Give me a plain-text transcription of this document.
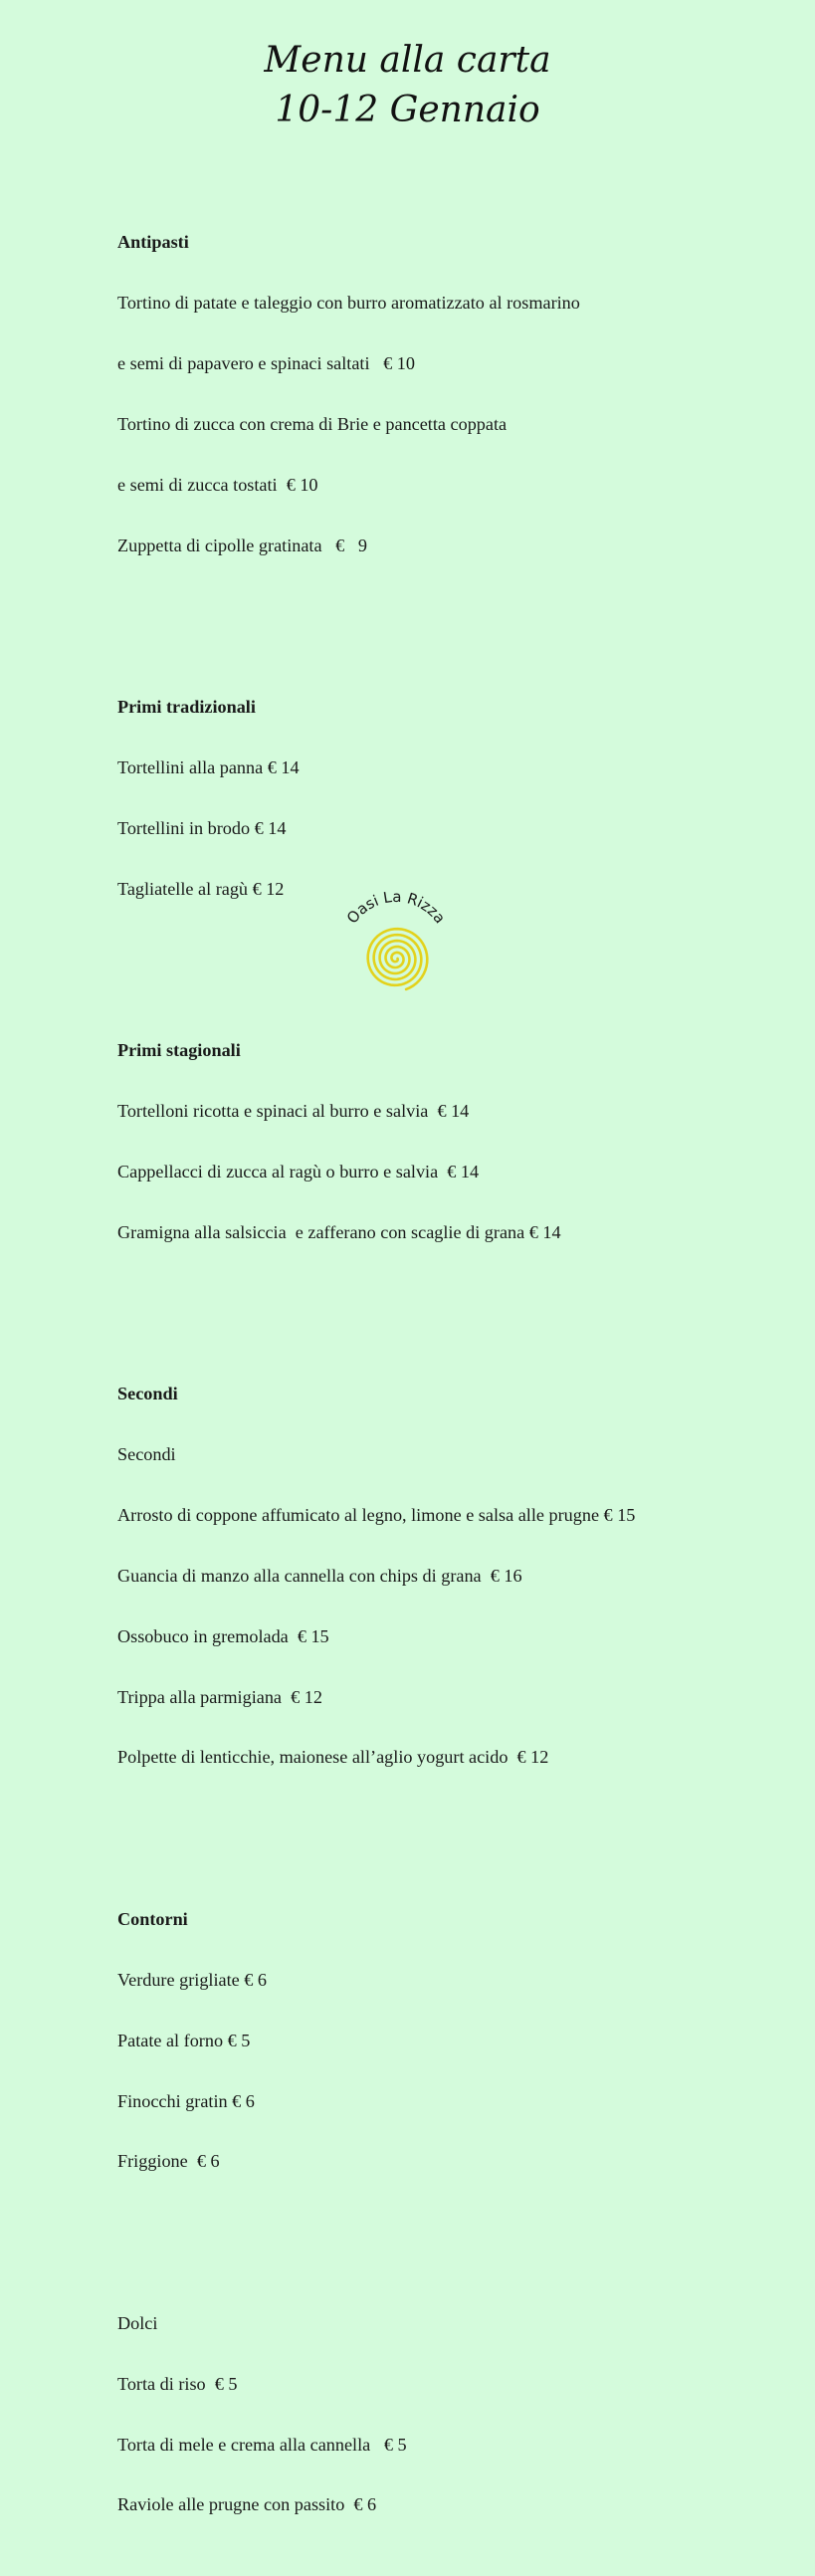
Menu alla carta
10-12 Gennaio

Antipasti

Tortino di patate e taleggio con burro aromatizzato al rosmarino

e semi di papavero e spinaci saltati   € 10

Tortino di zucca con crema di Brie e pancetta coppata

e semi di zucca tostati  € 10

Zuppetta di cipolle gratinata   €   9

Primi tradizionali

Tortellini alla panna € 14

Tortellini in brodo € 14

Tagliatelle al ragù € 12

Primi stagionali

Tortelloni ricotta e spinaci al burro e salvia  € 14

Cappellacci di zucca al ragù o burro e salvia  € 14

Gramigna alla salsiccia  e zafferano con scaglie di grana € 14

Secondi

Secondi

Arrosto di coppone affumicato al legno, limone e salsa alle prugne € 15

Guancia di manzo alla cannella con chips di grana  € 16

Ossobuco in gremolada  € 15

Trippa alla parmigiana  € 12

Polpette di lenticchie, maionese all’aglio yogurt acido  € 12

Contorni

Verdure grigliate € 6

Patate al forno € 5

Finocchi gratin € 6

Friggione  € 6

Dolci

Torta di riso  € 5

Torta di mele e crema alla cannella   € 5

Raviole alle prugne con passito  € 6

Oasi La Rizza
